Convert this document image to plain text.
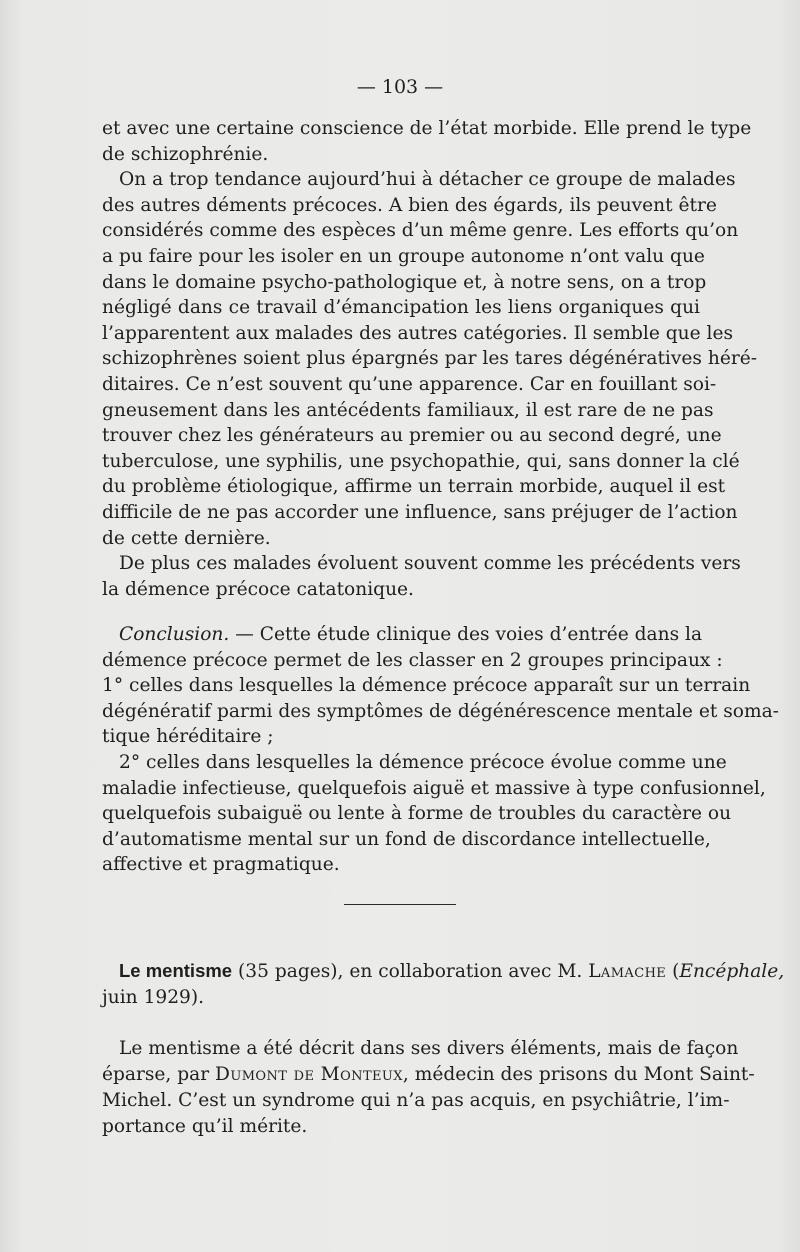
— 103 —
et avec une certaine conscience de l’état morbide. Elle prend le type
de schizophrénie.
On a trop tendance aujourd’hui à détacher ce groupe de malades
des autres déments précoces. A bien des égards, ils peuvent être
considérés comme des espèces d’un même genre. Les efforts qu’on
a pu faire pour les isoler en un groupe autonome n’ont valu que
dans le domaine psycho-pathologique et, à notre sens, on a trop
négligé dans ce travail d’émancipation les liens organiques qui
l’apparentent aux malades des autres catégories. Il semble que les
schizophrènes soient plus épargnés par les tares dégénératives héré-
ditaires. Ce n’est souvent qu’une apparence. Car en fouillant soi-
gneusement dans les antécédents familiaux, il est rare de ne pas
trouver chez les générateurs au premier ou au second degré, une
tuberculose, une syphilis, une psychopathie, qui, sans donner la clé
du problème étiologique, affirme un terrain morbide, auquel il est
difficile de ne pas accorder une influence, sans préjuger de l’action
de cette dernière.
De plus ces malades évoluent souvent comme les précédents vers
la démence précoce catatonique.
Conclusion. — Cette étude clinique des voies d’entrée dans la
démence précoce permet de les classer en 2 groupes principaux :
1° celles dans lesquelles la démence précoce apparaît sur un terrain
dégénératif parmi des symptômes de dégénérescence mentale et soma-
tique héréditaire ;
2° celles dans lesquelles la démence précoce évolue comme une
maladie infectieuse, quelquefois aiguë et massive à type confusionnel,
quelquefois subaiguë ou lente à forme de troubles du caractère ou
d’automatisme mental sur un fond de discordance intellectuelle,
affective et pragmatique.
Le mentisme (35 pages), en collaboration avec M. Lamache (Encéphale,
juin 1929).
Le mentisme a été décrit dans ses divers éléments, mais de façon
éparse, par Dumont de Monteux, médecin des prisons du Mont Saint-
Michel. C’est un syndrome qui n’a pas acquis, en psychiâtrie, l’im-
portance qu’il mérite.
